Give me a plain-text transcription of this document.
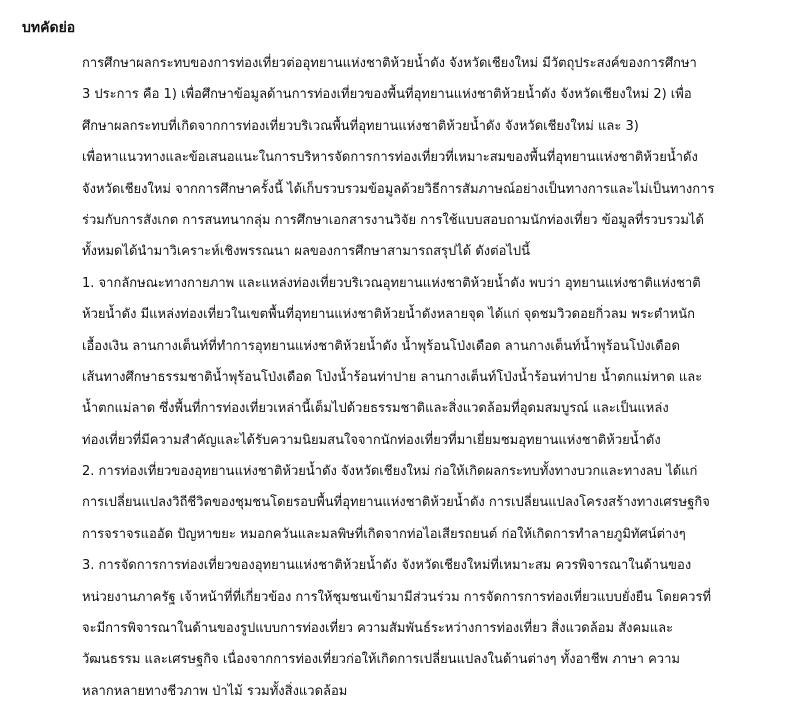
บทคัดย่อ
การศึกษาผลกระทบของการท่องเที่ยวต่ออุทยานแห่งชาติห้วยน้ำดัง จังหวัดเชียงใหม่ มีวัตถุประสงค์ของการศึกษา
3 ประการ คือ 1) เพื่อศึกษาข้อมูลด้านการท่องเที่ยวของพื้นที่อุทยานแห่งชาติห้วยน้ำดัง จังหวัดเชียงใหม่ 2) เพื่อ
ศึกษาผลกระทบที่เกิดจากการท่องเที่ยวบริเวณพื้นที่อุทยานแห่งชาติห้วยน้ำดัง จังหวัดเชียงใหม่ และ 3)
เพื่อหาแนวทางและข้อเสนอแนะในการบริหารจัดการการท่องเที่ยวที่เหมาะสมของพื้นที่อุทยานแห่งชาติห้วยน้ำดัง
จังหวัดเชียงใหม่ จากการศึกษาครั้งนี้ ได้เก็บรวบรวมข้อมูลด้วยวิธีการสัมภาษณ์อย่างเป็นทางการและไม่เป็นทางการ
ร่วมกับการสังเกต การสนทนากลุ่ม การศึกษาเอกสารงานวิจัย การใช้แบบสอบถามนักท่องเที่ยว ข้อมูลที่รวบรวมได้
ทั้งหมดได้นำมาวิเคราะห์เชิงพรรณนา ผลของการศึกษาสามารถสรุปได้ ดังต่อไปนี้
1. จากลักษณะทางกายภาพ และแหล่งท่องเที่ยวบริเวณอุทยานแห่งชาติห้วยน้ำดัง พบว่า อุทยานแห่งชาติแห่งชาติ
ห้วยน้ำดัง มีแหล่งท่องเที่ยวในเขตพื้นที่อุทยานแห่งชาติห้วยน้ำดังหลายจุด ได้แก่ จุดชมวิวดอยกิ่วลม พระตำหนัก
เอื้องเงิน ลานกางเต็นท์ที่ทำการอุทยานแห่งชาติห้วยน้ำดัง น้ำพุร้อนโป่งเดือด ลานกางเต็นท์น้ำพุร้อนโป่งเดือด
เส้นทางศึกษาธรรมชาติน้ำพุร้อนโป่งเดือด โป่งน้ำร้อนท่าปาย ลานกางเต็นท์โป่งน้ำร้อนท่าปาย น้ำตกแม่หาด และ
น้ำตกแม่ลาด ซึ่งพื้นที่การท่องเที่ยวเหล่านี้เต็มไปด้วยธรรมชาติและสิ่งแวดล้อมที่อุดมสมบูรณ์ และเป็นแหล่ง
ท่องเที่ยวที่มีความสำคัญและได้รับความนิยมสนใจจากนักท่องเที่ยวที่มาเยี่ยมชมอุทยานแห่งชาติห้วยน้ำดัง
2. การท่องเที่ยวของอุทยานแห่งชาติห้วยน้ำดัง จังหวัดเชียงใหม่ ก่อให้เกิดผลกระทบทั้งทางบวกและทางลบ ได้แก่
การเปลี่ยนแปลงวิถีชีวิตของชุมชนโดยรอบพื้นที่อุทยานแห่งชาติห้วยน้ำดัง การเปลี่ยนแปลงโครงสร้างทางเศรษฐกิจ
การจราจรแออัด ปัญหาขยะ หมอกควันและมลพิษที่เกิดจากท่อไอเสียรถยนต์ ก่อให้เกิดการทำลายภูมิทัศน์ต่างๆ
3. การจัดการการท่องเที่ยวของอุทยานแห่งชาติห้วยน้ำดัง จังหวัดเชียงใหม่ที่เหมาะสม ควรพิจารณาในด้านของ
หน่วยงานภาครัฐ เจ้าหน้าที่ที่เกี่ยวข้อง การให้ชุมชนเข้ามามีส่วนร่วม การจัดการการท่องเที่ยวแบบยั่งยืน โดยควรที่
จะมีการพิจารณาในด้านของรูปแบบการท่องเที่ยว ความสัมพันธ์ระหว่างการท่องเที่ยว สิ่งแวดล้อม สังคมและ
วัฒนธรรม และเศรษฐกิจ เนื่องจากการท่องเที่ยวก่อให้เกิดการเปลี่ยนแปลงในด้านต่างๆ ทั้งอาชีพ ภาษา ความ
หลากหลายทางชีวภาพ ป่าไม้ รวมทั้งสิ่งแวดล้อม
